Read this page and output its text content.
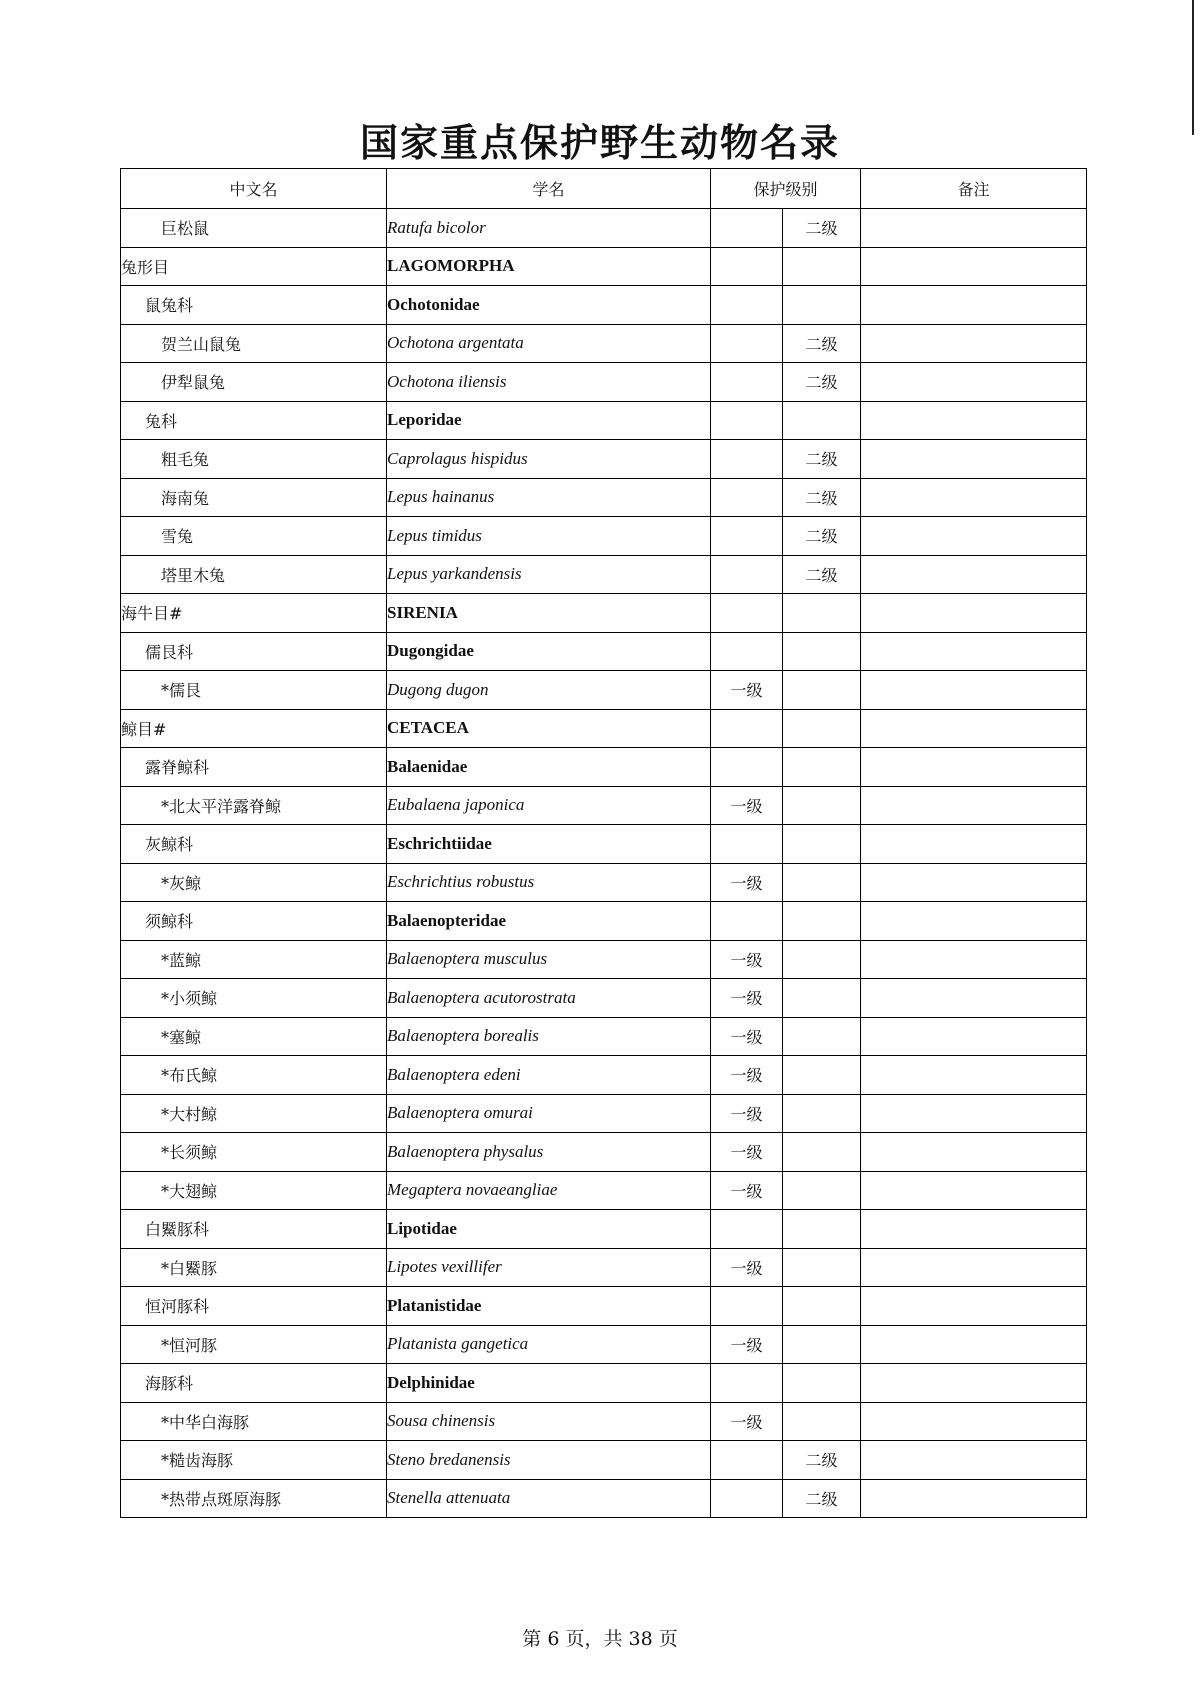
国家重点保护野生动物名录
中文名	学名	保护级别		备注
巨松鼠	Ratufa bicolor		二级	
兔形目	LAGOMORPHA			
鼠兔科	Ochotonidae			
贺兰山鼠兔	Ochotona argentata		二级	
伊犁鼠兔	Ochotona iliensis		二级	
兔科	Leporidae			
粗毛兔	Caprolagus hispidus		二级	
海南兔	Lepus hainanus		二级	
雪兔	Lepus timidus		二级	
塔里木兔	Lepus yarkandensis		二级	
海牛目#	SIRENIA			
儒艮科	Dugongidae			
*儒艮	Dugong dugon	一级		
鲸目#	CETACEA			
露脊鲸科	Balaenidae			
*北太平洋露脊鲸	Eubalaena japonica	一级		
灰鲸科	Eschrichtiidae			
*灰鲸	Eschrichtius robustus	一级		
须鲸科	Balaenopteridae			
*蓝鲸	Balaenoptera musculus	一级		
*小须鲸	Balaenoptera acutorostrata	一级		
*塞鲸	Balaenoptera borealis	一级		
*布氏鲸	Balaenoptera edeni	一级		
*大村鲸	Balaenoptera omurai	一级		
*长须鲸	Balaenoptera physalus	一级		
*大翅鲸	Megaptera novaeangliae	一级		
白鱀豚科	Lipotidae			
*白鱀豚	Lipotes vexillifer	一级		
恒河豚科	Platanistidae			
*恒河豚	Platanista gangetica	一级		
海豚科	Delphinidae			
*中华白海豚	Sousa chinensis	一级		
*糙齿海豚	Steno bredanensis		二级	
*热带点斑原海豚	Stenella attenuata		二级	
第 6 页，共 38 页
